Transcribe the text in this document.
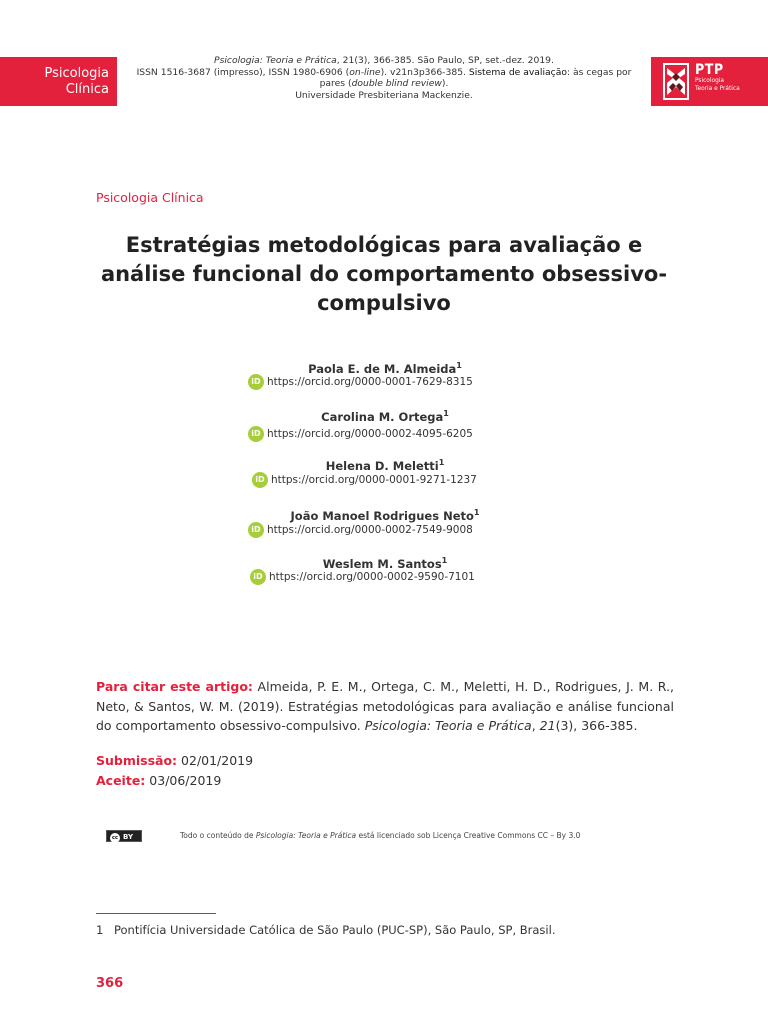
Psicologia
Clínica
Psicologia: Teoria e Prática, 21(3), 366-385. São Paulo, SP, set.-dez. 2019.
ISSN 1516-3687 (impresso), ISSN 1980-6906 (on-line). v21n3p366-385. Sistema de avaliação: às cegas por pares (double blind review).
Universidade Presbiteriana Mackenzie.
PTP
Psicologia
Teoria e Prática
Psicologia Clínica
Estratégias metodológicas para avaliação e análise funcional do comportamento obsessivo-compulsivo
Paola E. de M. Almeida$^1$
iD https://orcid.org/0000-0001-7629-8315
Carolina M. Ortega$^1$
iD https://orcid.org/0000-0002-4095-6205
Helena D. Meletti$^1$
iD https://orcid.org/0000-0001-9271-1237
João Manoel Rodrigues Neto$^1$
iD https://orcid.org/0000-0002-7549-9008
Weslem M. Santos$^1$
iD https://orcid.org/0000-0002-9590-7101
Para citar este artigo: Almeida, P. E. M., Ortega, C. M., Meletti, H. D., Rodrigues, J. M. R., Neto, & Santos, W. M. (2019). Estratégias metodológicas para avaliação e análise funcional do comportamento obsessivo-compulsivo. Psicologia: Teoria e Prática, 21(3), 366-385.
Submissão: 02/01/2019
Aceite: 03/06/2019
cc BY	Todo o conteúdo de Psicologia: Teoria e Prática está licenciado sob Licença Creative Commons CC – By 3.0
1 Pontifícia Universidade Católica de São Paulo (PUC-SP), São Paulo, SP, Brasil.
366
